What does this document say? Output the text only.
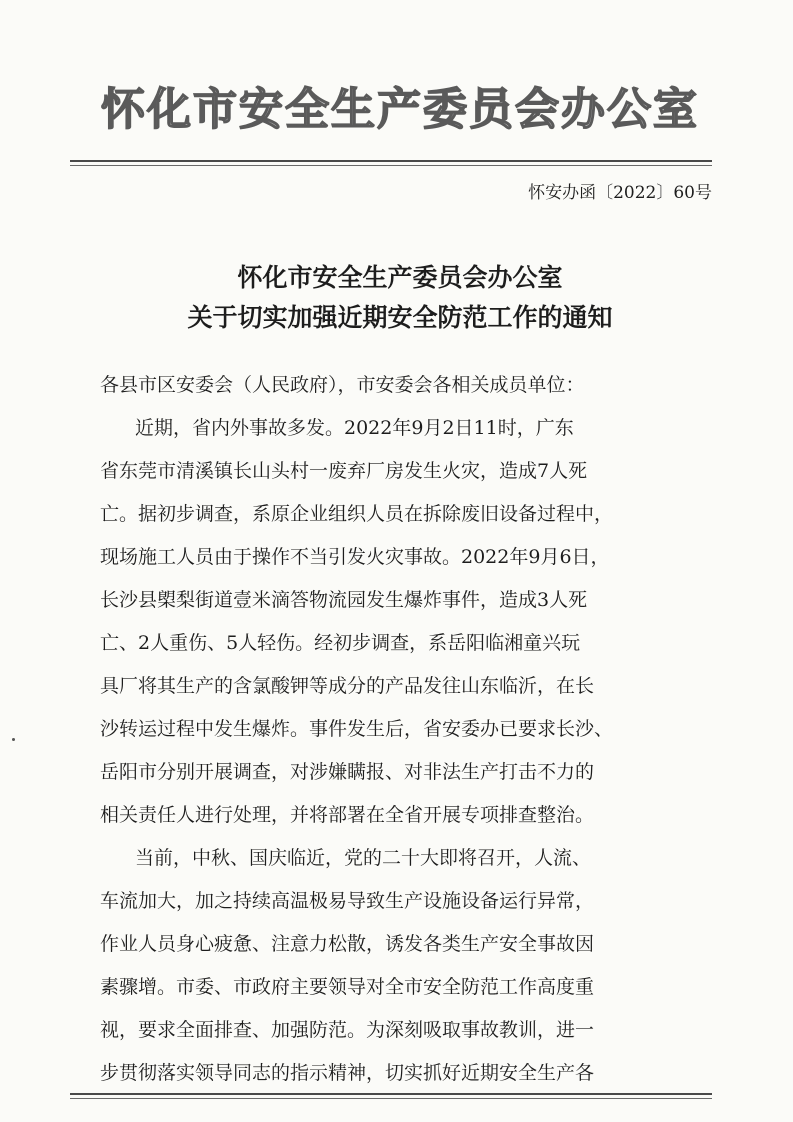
怀化市安全生产委员会办公室
怀安办函〔2022〕60号
怀化市安全生产委员会办公室
关于切实加强近期安全防范工作的通知
各县市区安委会（人民政府），市安委会各相关成员单位：
近期，省内外事故多发。2022年9月2日11时，广东
省东莞市清溪镇长山头村一废弃厂房发生火灾，造成7人死
亡。据初步调查，系原企业组织人员在拆除废旧设备过程中，
现场施工人员由于操作不当引发火灾事故。2022年9月6日，
长沙县㮾梨街道壹米滴答物流园发生爆炸事件，造成3人死
亡、2人重伤、5人轻伤。经初步调查，系岳阳临湘童兴玩
具厂将其生产的含氯酸钾等成分的产品发往山东临沂，在长
沙转运过程中发生爆炸。事件发生后，省安委办已要求长沙、
岳阳市分别开展调查，对涉嫌瞒报、对非法生产打击不力的
相关责任人进行处理，并将部署在全省开展专项排查整治。
当前，中秋、国庆临近，党的二十大即将召开，人流、
车流加大，加之持续高温极易导致生产设施设备运行异常，
作业人员身心疲惫、注意力松散，诱发各类生产安全事故因
素骤增。市委、市政府主要领导对全市安全防范工作高度重
视，要求全面排查、加强防范。为深刻吸取事故教训，进一
步贯彻落实领导同志的指示精神，切实抓好近期安全生产各
